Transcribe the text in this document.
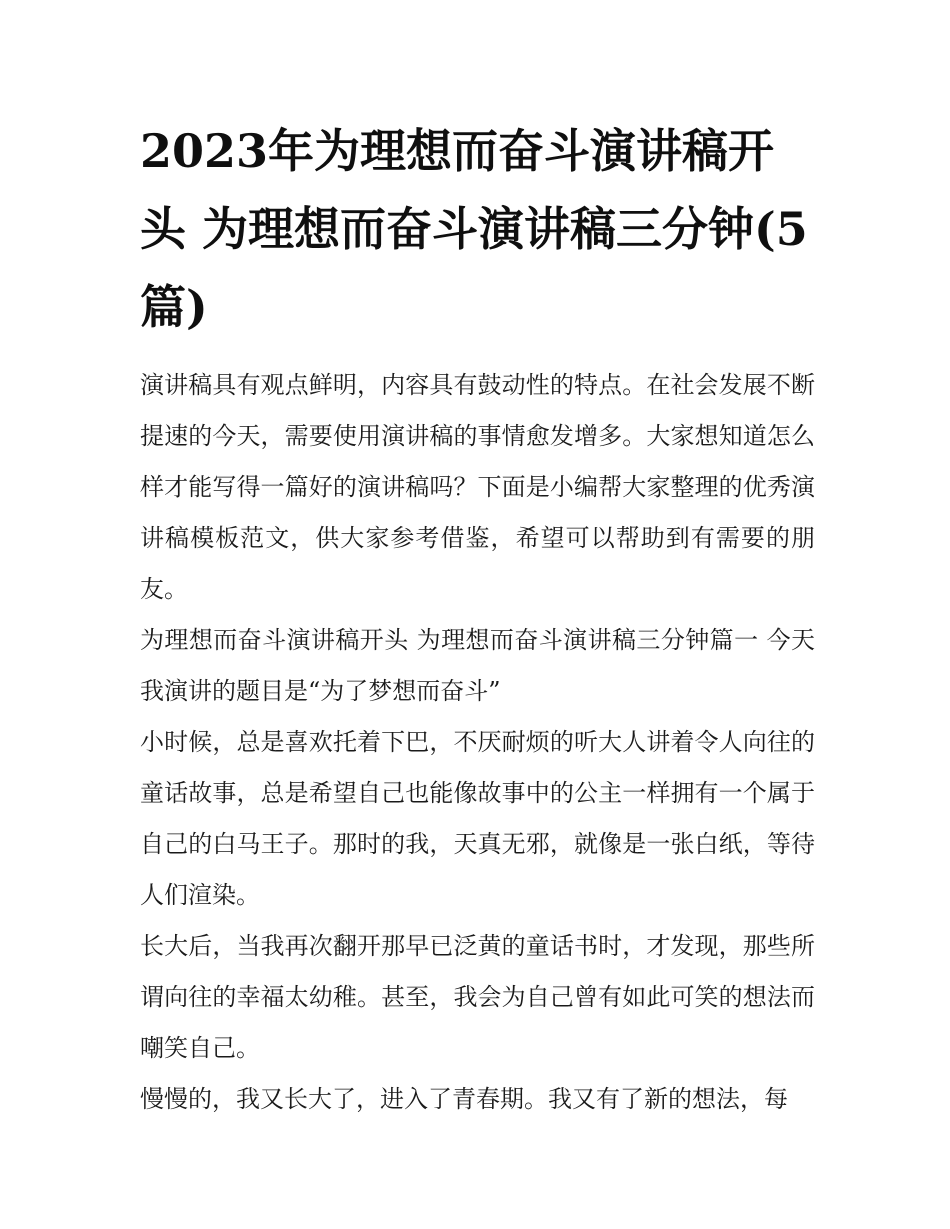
2023年为理想而奋斗演讲稿开头 为理想而奋斗演讲稿三分钟(5篇)

演讲稿具有观点鲜明，内容具有鼓动性的特点。在社会发展不断提速的今天，需要使用演讲稿的事情愈发增多。大家想知道怎么样才能写得一篇好的演讲稿吗？下面是小编帮大家整理的优秀演讲稿模板范文，供大家参考借鉴，希望可以帮助到有需要的朋友。

为理想而奋斗演讲稿开头 为理想而奋斗演讲稿三分钟篇一 今天我演讲的题目是“为了梦想而奋斗”

小时候，总是喜欢托着下巴，不厌耐烦的听大人讲着令人向往的童话故事，总是希望自己也能像故事中的公主一样拥有一个属于自己的白马王子。那时的我，天真无邪，就像是一张白纸，等待人们渲染。

长大后，当我再次翻开那早已泛黄的童话书时，才发现，那些所谓向往的幸福太幼稚。甚至，我会为自己曾有如此可笑的想法而嘲笑自己。

慢慢的，我又长大了，进入了青春期。我又有了新的想法，每
